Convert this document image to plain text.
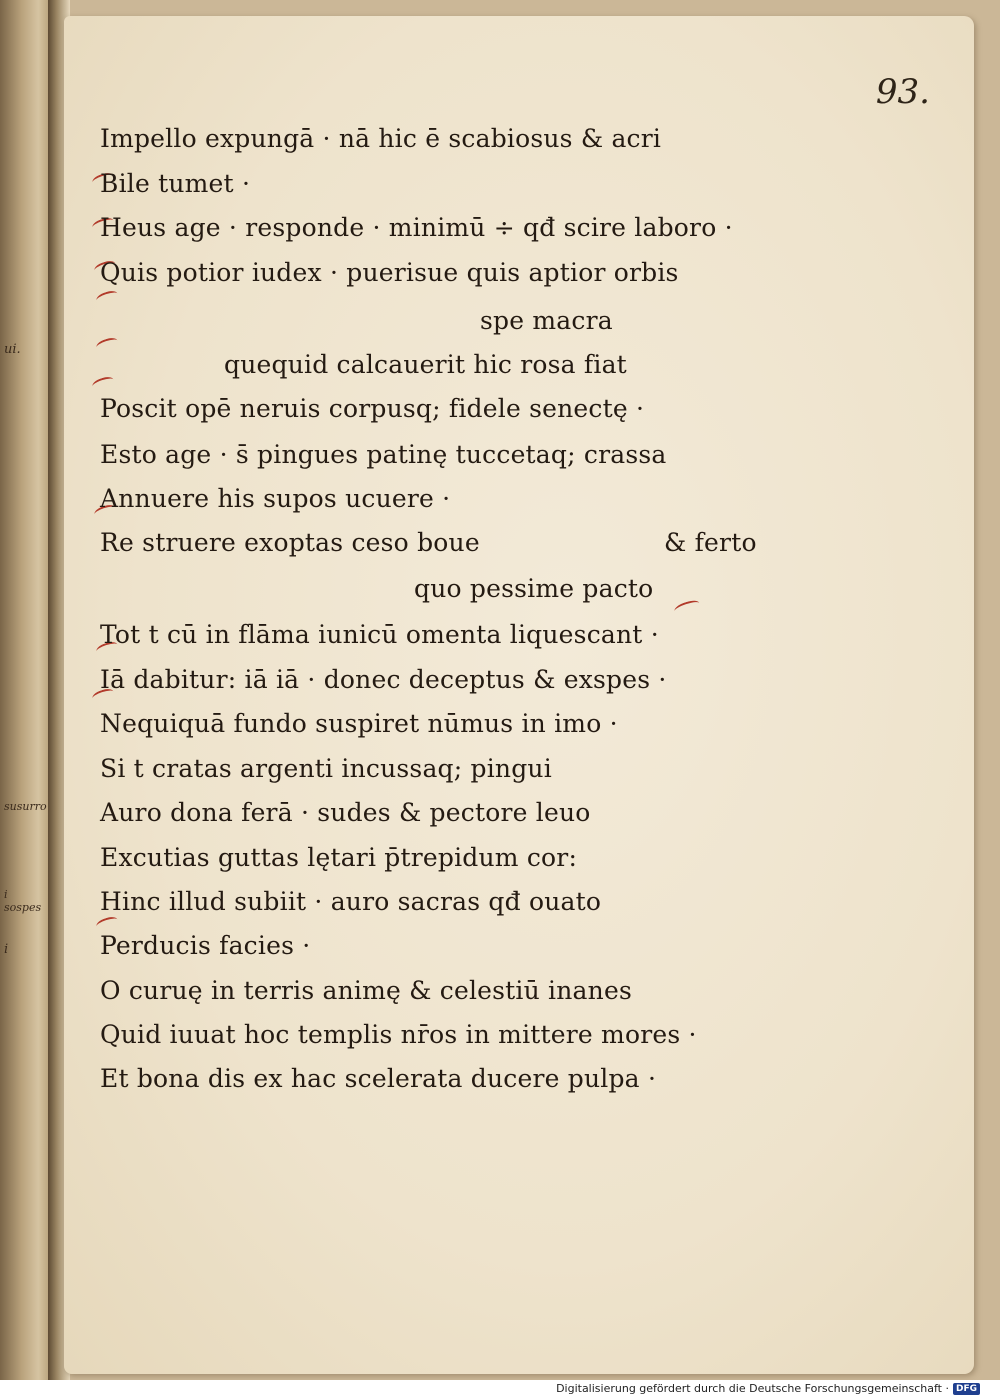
ui.
susurro
i sospes
i
93.
Impello expungā · nā hic ē scabiosus & acri
Bile tumet ·
Heus age · responde · minimū ÷ qđ scire laboro ·
Quis potior iudex · puerisue quis aptior orbis
spe macra
quequid calcauerit hic rosa fiat
Poscit opē neruis corpusq; fidele senectę ·
Esto age · s̄ pingues patinę tuccetaq; crassa
Annuere his supos ucuere ·
Re struere exoptas ceso boue	& ferto
quo pessime pacto
Tot t cū in flāma iunicū omenta liquescant ·
Iā dabitur: iā iā · donec deceptus & exspes ·
Nequiquā fundo suspiret nūmus in imo ·
Si t cratas argenti incussaq; pingui
Auro dona ferā · sudes & pectore leuo
Excutias guttas lętari p̄trepidum cor:
Hinc illud subiit · auro sacras qđ ouato
Perducis facies ·
O curuę in terris animę & celestiū inanes
Quid iuuat hoc templis nr̄os in mittere mores ·
Et bona dis ex hac scelerata ducere pulpa ·
Digitalisierung gefördert durch die Deutsche Forschungsgemeinschaft · DFG
